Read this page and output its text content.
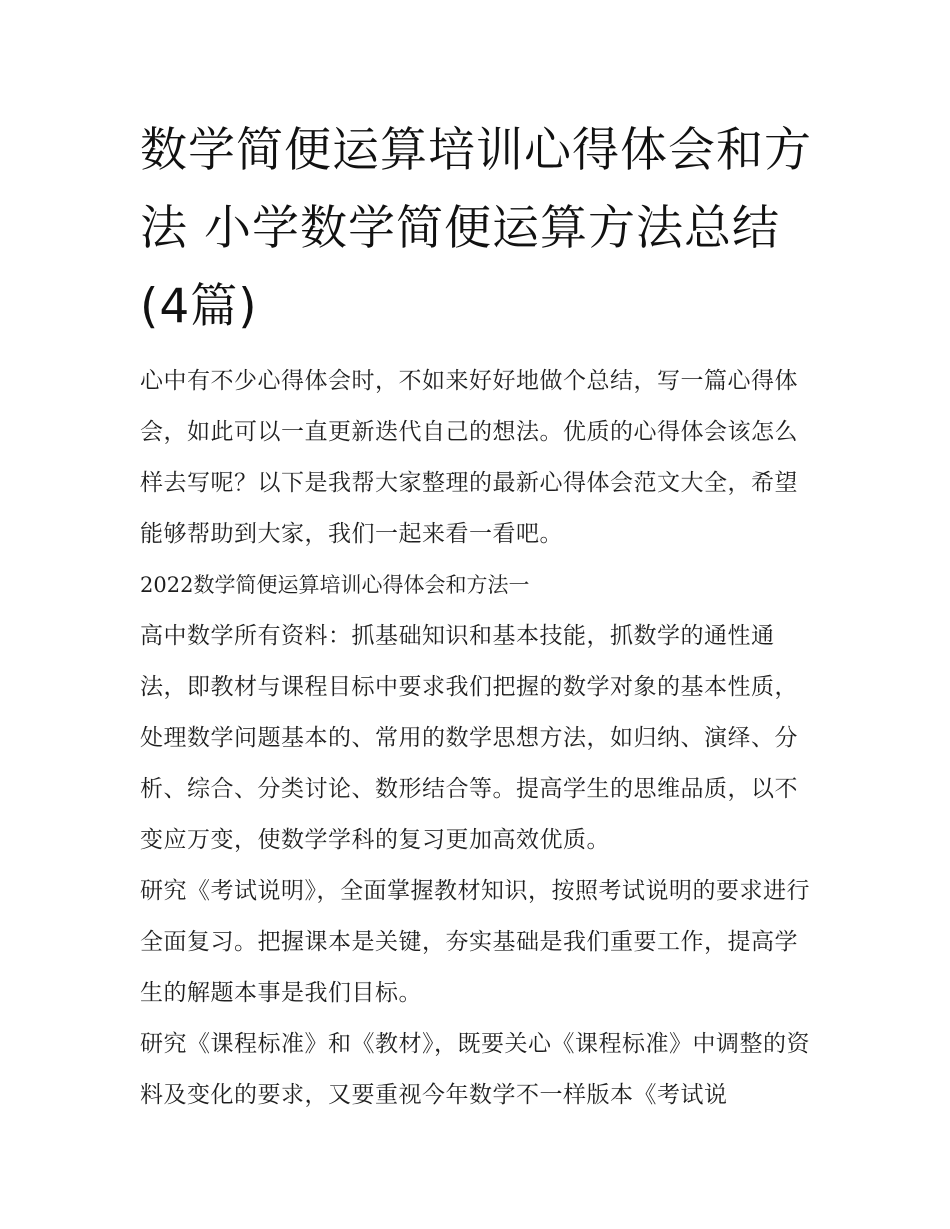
数学简便运算培训心得体会和方法 小学数学简便运算方法总结(4篇)

心中有不少心得体会时，不如来好好地做个总结，写一篇心得体会，如此可以一直更新迭代自己的想法。优质的心得体会该怎么样去写呢？以下是我帮大家整理的最新心得体会范文大全，希望能够帮助到大家，我们一起来看一看吧。

2022数学简便运算培训心得体会和方法一

高中数学所有资料：抓基础知识和基本技能，抓数学的通性通法，即教材与课程目标中要求我们把握的数学对象的基本性质，处理数学问题基本的、常用的数学思想方法，如归纳、演绎、分析、综合、分类讨论、数形结合等。提高学生的思维品质，以不变应万变，使数学学科的复习更加高效优质。

研究《考试说明》，全面掌握教材知识，按照考试说明的要求进行全面复习。把握课本是关键，夯实基础是我们重要工作，提高学生的解题本事是我们目标。

研究《课程标准》和《教材》，既要关心《课程标准》中调整的资料及变化的要求，又要重视今年数学不一样版本《考试说
